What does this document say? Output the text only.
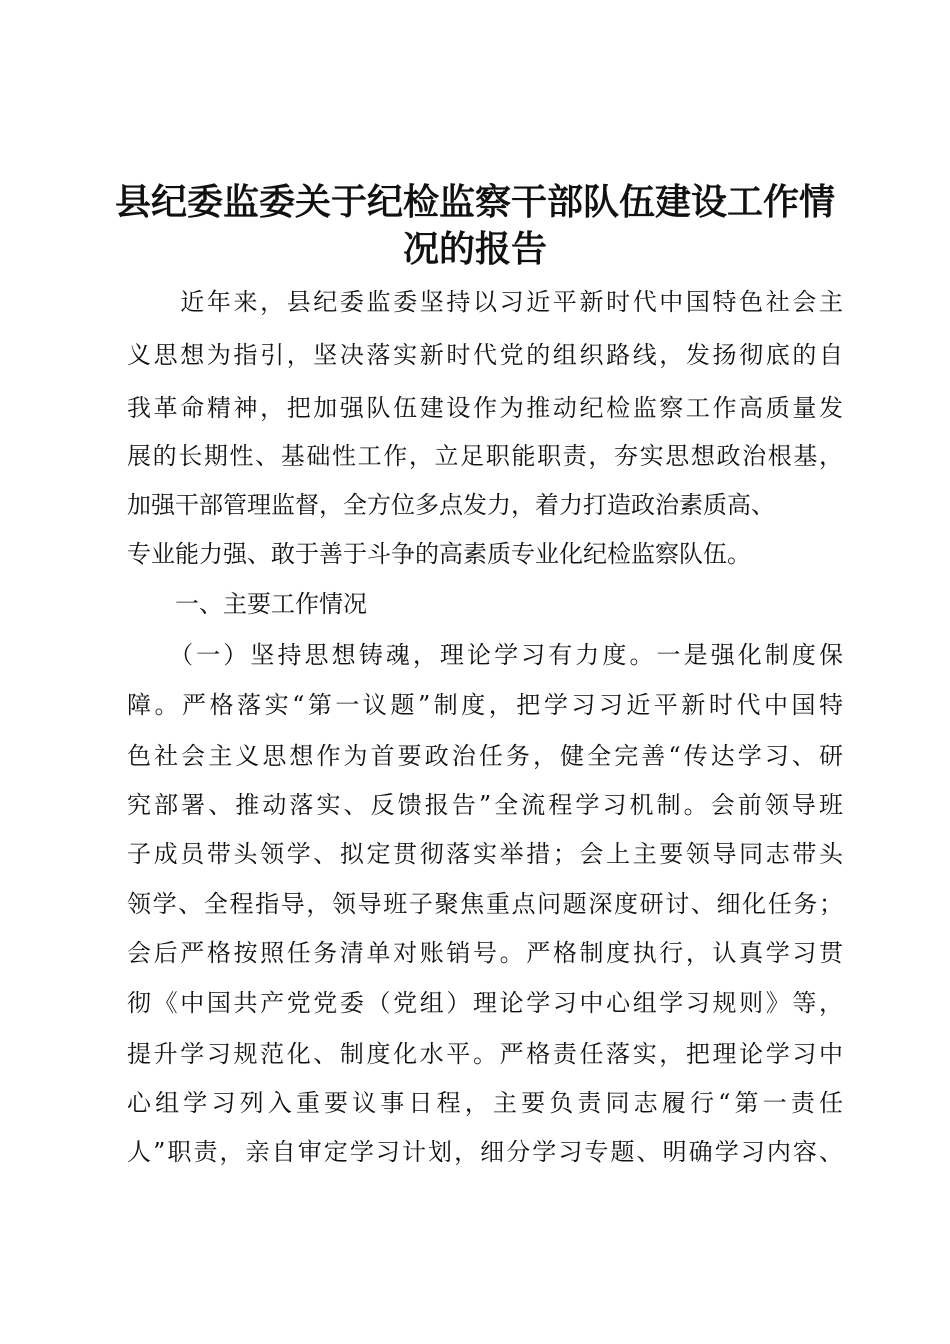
县纪委监委关于纪检监察干部队伍建设工作情
况的报告
　　近年来，县纪委监委坚持以习近平新时代中国特色社会主
义思想为指引，坚决落实新时代党的组织路线，发扬彻底的自
我革命精神，把加强队伍建设作为推动纪检监察工作高质量发
展的长期性、基础性工作，立足职能职责，夯实思想政治根基，
加强干部管理监督，全方位多点发力，着力打造政治素质高、
专业能力强、敢于善于斗争的高素质专业化纪检监察队伍。
一、主要工作情况
　　（一）坚持思想铸魂，理论学习有力度。一是强化制度保
障。严格落实“第一议题”制度，把学习习近平新时代中国特
色社会主义思想作为首要政治任务，健全完善“传达学习、研
究部署、推动落实、反馈报告”全流程学习机制。会前领导班
子成员带头领学、拟定贯彻落实举措；会上主要领导同志带头
领学、全程指导，领导班子聚焦重点问题深度研讨、细化任务；
会后严格按照任务清单对账销号。严格制度执行，认真学习贯
彻《中国共产党党委（党组）理论学习中心组学习规则》等，
提升学习规范化、制度化水平。严格责任落实，把理论学习中
心组学习列入重要议事日程，主要负责同志履行“第一责任
人”职责，亲自审定学习计划，细分学习专题、明确学习内容、
